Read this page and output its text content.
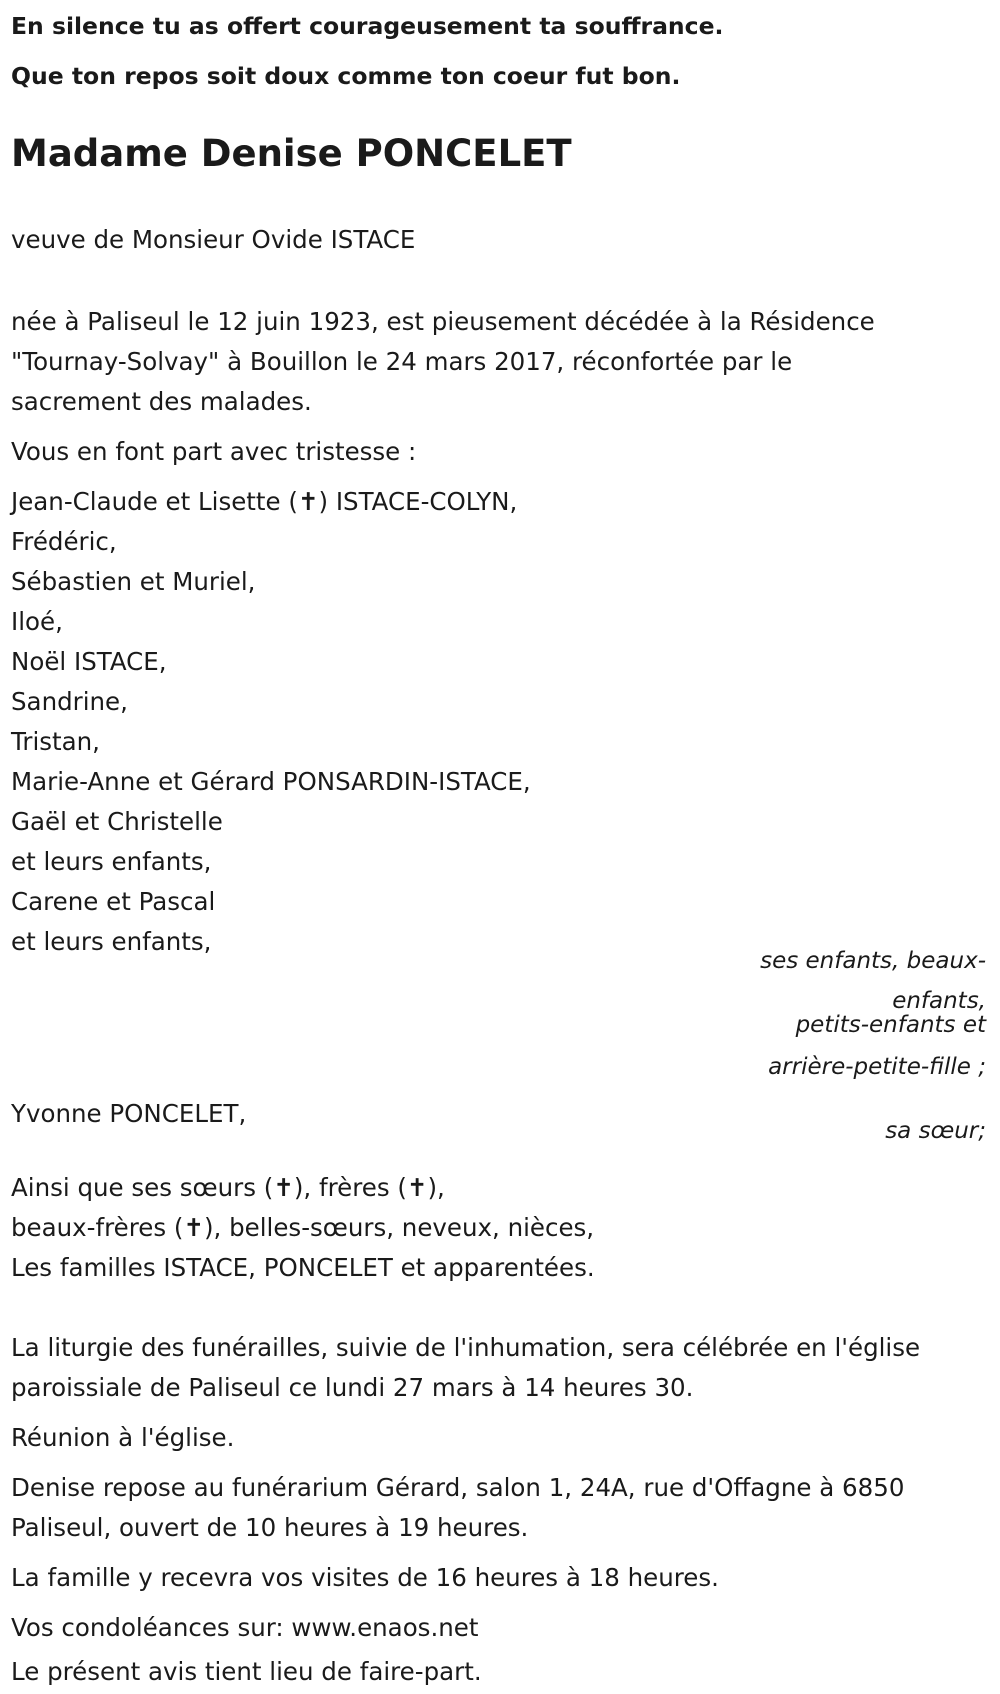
En silence tu as offert courageusement ta souffrance.

Que ton repos soit doux comme ton coeur fut bon.

Madame Denise PONCELET

veuve de Monsieur Ovide ISTACE

née à Paliseul le 12 juin 1923, est pieusement décédée à la Résidence

"Tournay-Solvay" à Bouillon le 24 mars 2017, réconfortée par le

sacrement des malades.

Vous en font part avec tristesse :

Jean-Claude et Lisette (✝) ISTACE-COLYN,

Frédéric,

Sébastien et Muriel,

Iloé,

Noël ISTACE,

Sandrine,

Tristan,

Marie-Anne et Gérard PONSARDIN-ISTACE,

Gaël et Christelle

et leurs enfants,

Carene et Pascal

et leurs enfants,

ses enfants, beaux-
enfants,
petits-enfants et
arrière-petite-fille ;

Yvonne PONCELET,

sa sœur;

Ainsi que ses sœurs (✝), frères (✝),

beaux-frères (✝), belles-sœurs, neveux, nièces,

Les familles ISTACE, PONCELET et apparentées.

La liturgie des funérailles, suivie de l'inhumation, sera célébrée en l'église

paroissiale de Paliseul ce lundi 27 mars à 14 heures 30.

Réunion à l'église.

Denise repose au funérarium Gérard, salon 1, 24A, rue d'Offagne à 6850

Paliseul, ouvert de 10 heures à 19 heures.

La famille y recevra vos visites de 16 heures à 18 heures.

Vos condoléances sur: www.enaos.net

Le présent avis tient lieu de faire-part.
